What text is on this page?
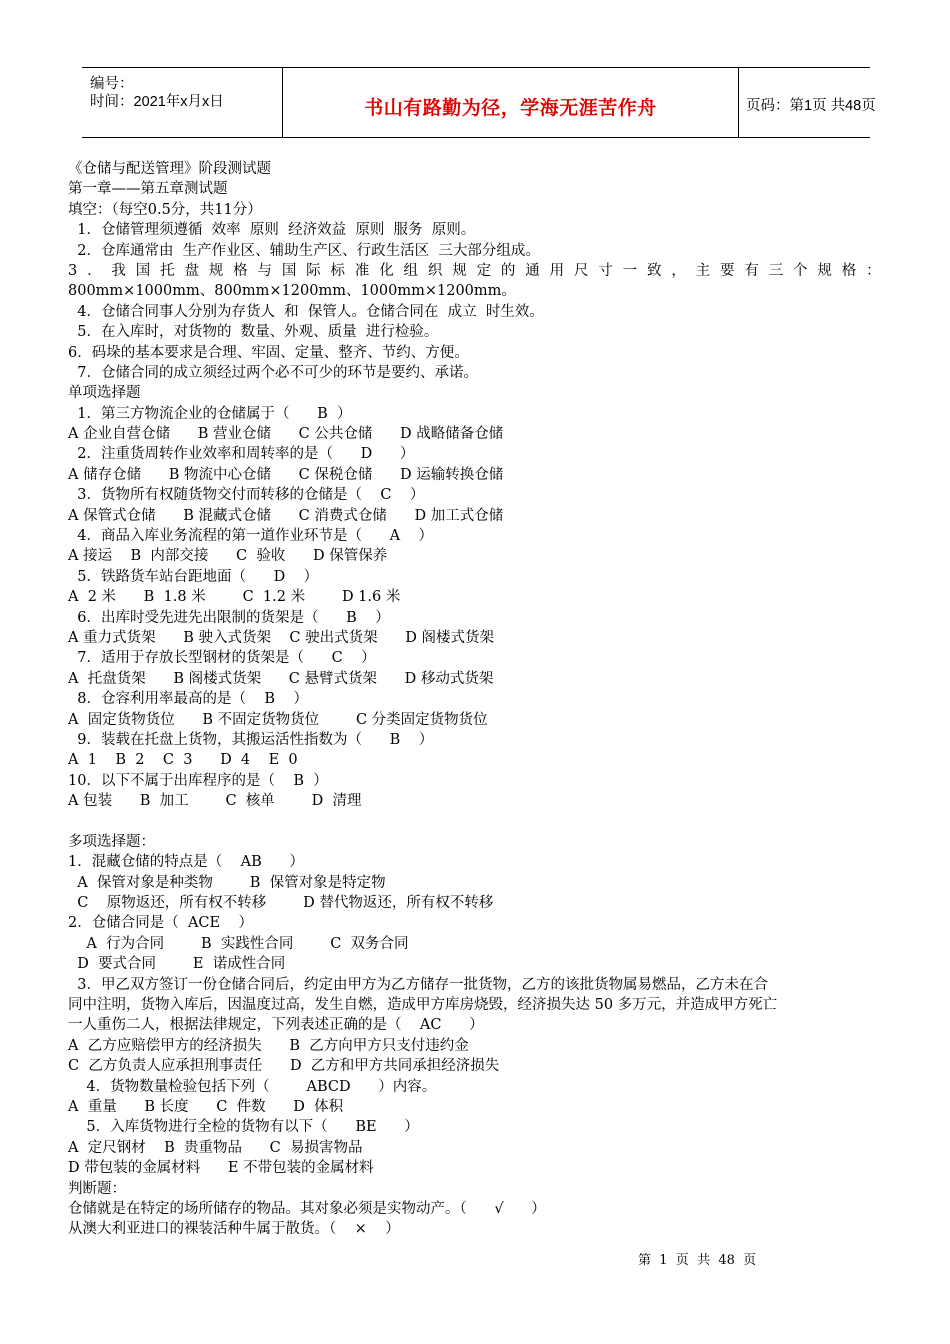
编号：
时间：2021年x月x日	书山有路勤为径，学海无涯苦作舟	页码：第1页 共48页
《仓储与配送管理》阶段测试题
第一章——第五章测试题
填空：（每空0.5分，共11分）
1．仓储管理须遵循  效率  原则  经济效益  原则  服务  原则。
2．仓库通常由  生产作业区、辅助生产区、行政生活区  三大部分组成。
3．我国托盘规格与国际标准化组织规定的通用尺寸一致，主要有三个规格：
800mm×1000mm、800mm×1200mm、1000mm×1200mm。
4．仓储合同事人分别为存货人  和  保管人。仓储合同在  成立  时生效。
5．在入库时，对货物的  数量、外观、质量  进行检验。
6．码垛的基本要求是合理、牢固、定量、整齐、节约、方便。
7．仓储合同的成立须经过两个必不可少的环节是要约、承诺。
单项选择题
1．第三方物流企业的仓储属于（      B  ）
A 企业自营仓储      B 营业仓储      C 公共仓储      D 战略储备仓储
2．注重货周转作业效率和周转率的是（      D      ）
A 储存仓储      B 物流中心仓储      C 保税仓储      D 运输转换仓储
3．货物所有权随货物交付而转移的仓储是（    C    ）
A 保管式仓储      B 混藏式仓储      C 消费式仓储      D 加工式仓储
4．商品入库业务流程的第一道作业环节是（      A    ）
A 接运    B  内部交接      C  验收      D 保管保养
5．铁路货车站台距地面（      D    ）
A  2 米      B  1.8 米        C  1.2 米        D 1.6 米
6．出库时受先进先出限制的货架是（      B    ）
A 重力式货架      B 驶入式货架    C 驶出式货架      D 阁楼式货架
7．适用于存放长型钢材的货架是（      C    ）
A  托盘货架      B 阁楼式货架      C 悬臂式货架      D 移动式货架
8．仓容利用率最高的是（    B    ）
A  固定货物货位      B 不固定货物货位        C 分类固定货物货位
9．装载在托盘上货物，其搬运活性指数为（      B    ）
A  1    B  2    C  3      D  4    E  0
10．以下不属于出库程序的是（    B  ）
A 包装      B  加工        C  核单        D  清理
多项选择题：
1．混藏仓储的特点是（    AB      ）
A  保管对象是种类物        B  保管对象是特定物
C    原物返还，所有权不转移        D 替代物返还，所有权不转移
2．仓储合同是（  ACE    ）
A  行为合同        B  实践性合同        C  双务合同
D  要式合同        E  诺成性合同
3．甲乙双方签订一份仓储合同后，约定由甲方为乙方储存一批货物，乙方的该批货物属易燃品，乙方未在合
同中注明，货物入库后，因温度过高，发生自燃，造成甲方库房烧毁，经济损失达 50 多万元，并造成甲方死亡
一人重伤二人，根据法律规定，下列表述正确的是（    AC      ）
A  乙方应赔偿甲方的经济损失      B  乙方向甲方只支付违约金
C  乙方负责人应承担刑事责任      D  乙方和甲方共同承担经济损失
4．货物数量检验包括下列（        ABCD      ）内容。
A  重量      B 长度      C  件数      D  体积
5．入库货物进行全检的货物有以下（      BE      ）
A  定尺钢材    B  贵重物品      C  易损害物品
D 带包装的金属材料      E 不带包装的金属材料
判断题：
仓储就是在特定的场所储存的物品。其对象必须是实物动产。（      √      ）
从澳大利亚进口的裸装活种牛属于散货。（    ×    ）
第  1  页  共  48  页
